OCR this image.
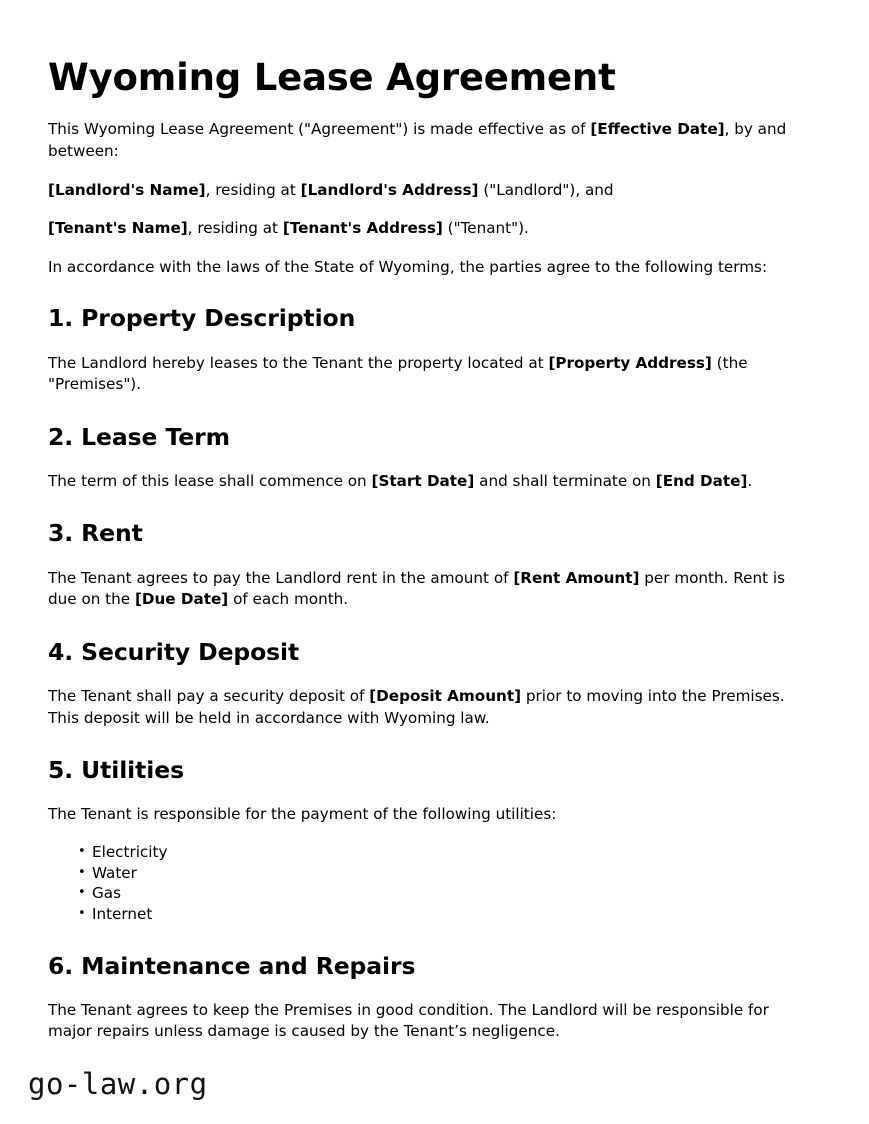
Wyoming Lease Agreement

This Wyoming Lease Agreement ("Agreement") is made effective as of [Effective Date], by and between:

[Landlord's Name], residing at [Landlord's Address] ("Landlord"), and

[Tenant's Name], residing at [Tenant's Address] ("Tenant").

In accordance with the laws of the State of Wyoming, the parties agree to the following terms:

1. Property Description

The Landlord hereby leases to the Tenant the property located at [Property Address] (the "Premises").

2. Lease Term

The term of this lease shall commence on [Start Date] and shall terminate on [End Date].

3. Rent

The Tenant agrees to pay the Landlord rent in the amount of [Rent Amount] per month. Rent is due on the [Due Date] of each month.

4. Security Deposit

The Tenant shall pay a security deposit of [Deposit Amount] prior to moving into the Premises. This deposit will be held in accordance with Wyoming law.

5. Utilities

The Tenant is responsible for the payment of the following utilities:

• Electricity
• Water
• Gas
• Internet
6. Maintenance and Repairs

The Tenant agrees to keep the Premises in good condition. The Landlord will be responsible for major repairs unless damage is caused by the Tenant’s negligence.

go-law.org
